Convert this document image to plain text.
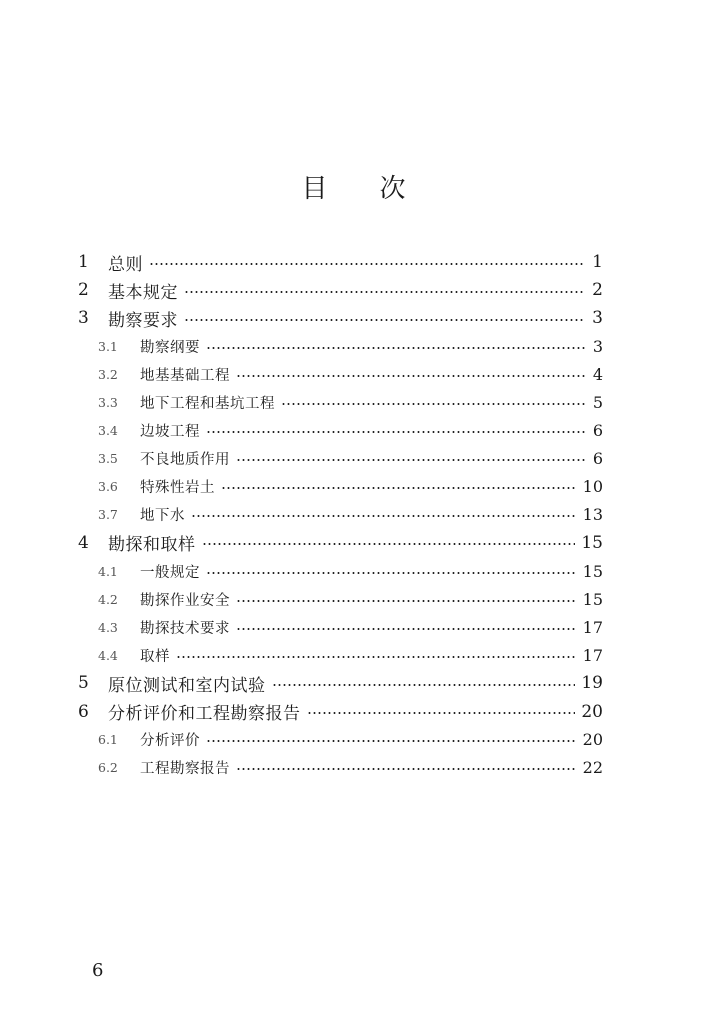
目 次
1	总则	1
2	基本规定	2
3	勘察要求	3
3.1	勘察纲要	3
3.2	地基基础工程	4
3.3	地下工程和基坑工程	5
3.4	边坡工程	6
3.5	不良地质作用	6
3.6	特殊性岩土	10
3.7	地下水	13
4	勘探和取样	15
4.1	一般规定	15
4.2	勘探作业安全	15
4.3	勘探技术要求	17
4.4	取样	17
5	原位测试和室内试验	19
6	分析评价和工程勘察报告	20
6.1	分析评价	20
6.2	工程勘察报告	22
6
